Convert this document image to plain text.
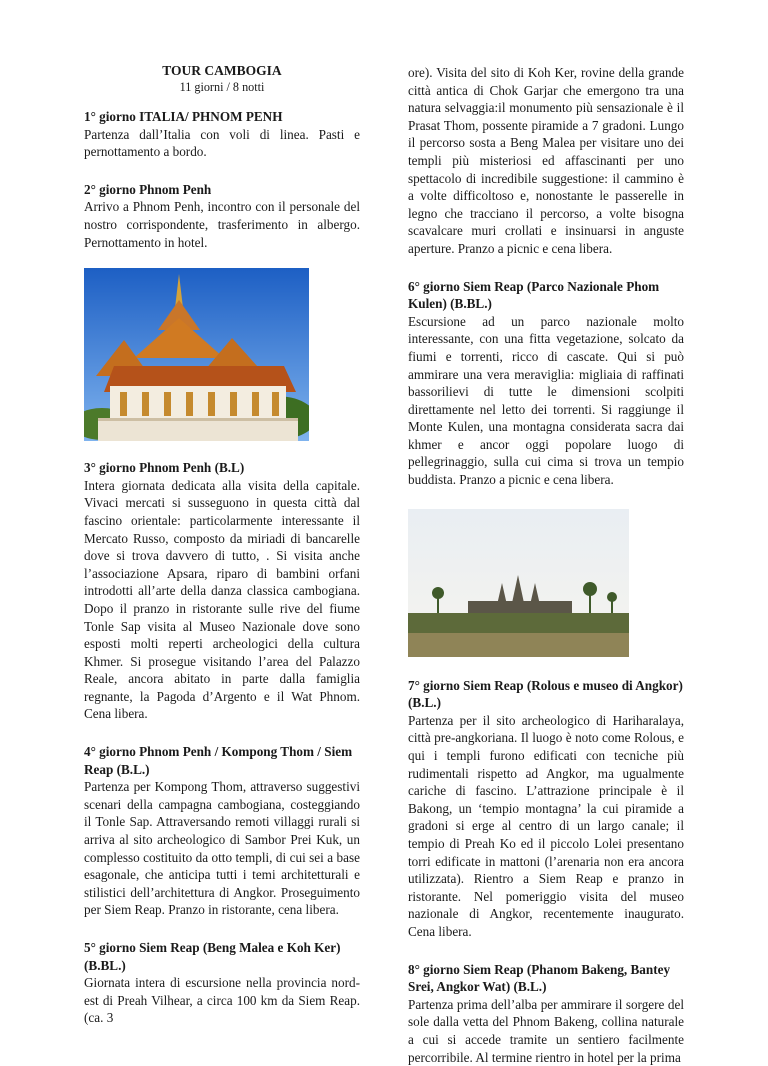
TOUR CAMBOGIA
11 giorni / 8 notti
1° giorno ITALIA/ PHNOM PENH

Partenza dall’Italia con voli di linea. Pasti e pernottamento a bordo.

2° giorno Phnom Penh

Arrivo a Phnom Penh, incontro con il personale del nostro corrispondente, trasferimento in albergo. Pernottamento in hotel.

3° giorno Phnom Penh (B.L)

Intera giornata dedicata alla visita della capitale. Vivaci mercati si susseguono in questa città dal fascino orientale: particolarmente interessante il Mercato Russo, composto da miriadi di bancarelle dove si trova davvero di tutto, . Si visita anche l’associazione Apsara, riparo di bambini orfani introdotti all’arte della danza classica cambogiana. Dopo il pranzo in ristorante sulle rive del fiume Tonle Sap visita al Museo Nazionale dove sono esposti molti reperti archeologici della cultura Khmer. Si prosegue visitando l’area del Palazzo Reale, ancora abitato in parte dalla famiglia regnante, la Pagoda d’Argento e il Wat Phnom. Cena libera.

4° giorno Phnom Penh / Kompong Thom / Siem Reap (B.L.)

Partenza per Kompong Thom, attraverso suggestivi scenari della campagna cambogiana, costeggiando il Tonle Sap. Attraversando remoti villaggi rurali si arriva al sito archeologico di Sambor Prei Kuk, un complesso costituito da otto templi, di cui sei a base esagonale, che anticipa tutti i temi architetturali e stilistici dell’architettura di Angkor. Proseguimento per Siem Reap. Pranzo in ristorante, cena libera.

5° giorno Siem Reap (Beng Malea e Koh Ker) (B.BL.)

Giornata intera di escursione nella provincia nord-est di Preah Vilhear, a circa 100 km da Siem Reap. (ca. 3

ore). Visita del sito di Koh Ker, rovine della grande città antica di Chok Garjar che emergono tra una natura selvaggia:il monumento più sensazionale è il Prasat Thom, possente piramide a 7 gradoni. Lungo il percorso sosta a Beng Malea per visitare uno dei templi più misteriosi ed affascinanti per uno spettacolo di incredibile suggestione: il cammino è a volte difficoltoso e, nonostante le passerelle in legno che tracciano il percorso, a volte bisogna scavalcare muri crollati e insinuarsi in anguste aperture. Pranzo a picnic e cena libera.

6° giorno Siem Reap (Parco Nazionale Phom Kulen) (B.BL.)

Escursione ad un parco nazionale molto interessante, con una fitta vegetazione, solcato da fiumi e torrenti, ricco di cascate. Qui si può ammirare una vera meraviglia: migliaia di raffinati bassorilievi di tutte le dimensioni scolpiti direttamente nel letto dei torrenti. Si raggiunge il Monte Kulen, una montagna considerata sacra dai khmer e ancor oggi popolare luogo di pellegrinaggio, sulla cui cima si trova un tempio buddista. Pranzo a picnic e cena libera.

7° giorno Siem Reap (Rolous e museo di Angkor) (B.L.)

Partenza per il sito archeologico di Hariharalaya, città pre-angkoriana. Il luogo è noto come Rolous, e qui i templi furono edificati con tecniche più rudimentali rispetto ad Angkor, ma ugualmente cariche di fascino. L’attrazione principale è il Bakong, un ‘tempio montagna’ la cui piramide a gradoni si erge al centro di un largo canale; il tempio di Preah Ko ed il piccolo Lolei presentano torri edificate in mattoni (l’arenaria non era ancora utilizzata). Rientro a Siem Reap e pranzo in ristorante. Nel pomeriggio visita del museo nazionale di Angkor, recentemente inaugurato. Cena libera.

8° giorno Siem Reap (Phanom Bakeng, Bantey Srei, Angkor Wat) (B.L.)

Partenza prima dell’alba per ammirare il sorgere del sole dalla vetta del Phnom Bakeng, collina naturale a cui si accede tramite un sentiero facilmente percorribile. Al termine rientro in hotel per la prima
